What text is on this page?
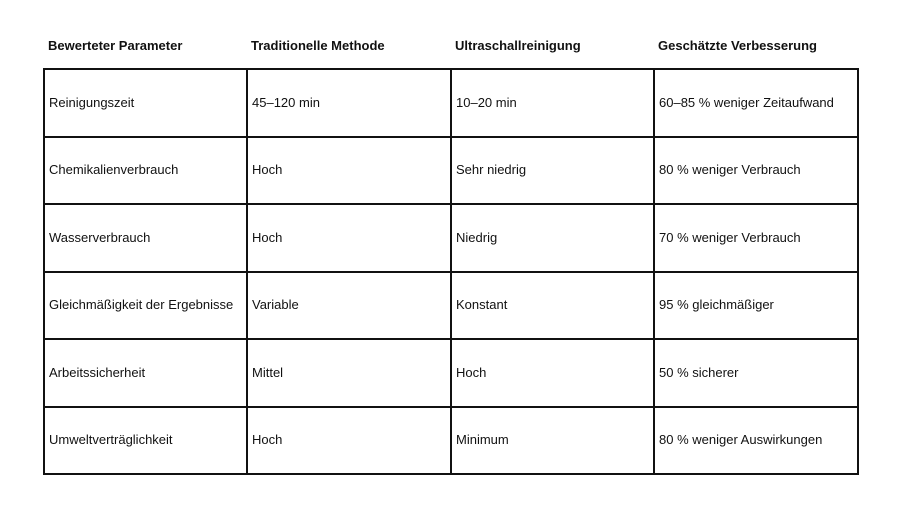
Bewerteter Parameter	Traditionelle Methode	Ultraschallreinigung	Geschätzte Verbesserung
Reinigungszeit	45–120 min	10–20 min	60–85 % weniger Zeitaufwand
Chemikalienverbrauch	Hoch	Sehr niedrig	80 % weniger Verbrauch
Wasserverbrauch	Hoch	Niedrig	70 % weniger Verbrauch
Gleichmäßigkeit der Ergebnisse	Variable	Konstant	95 % gleichmäßiger
Arbeitssicherheit	Mittel	Hoch	50 % sicherer
Umweltverträglichkeit	Hoch	Minimum	80 % weniger Auswirkungen
